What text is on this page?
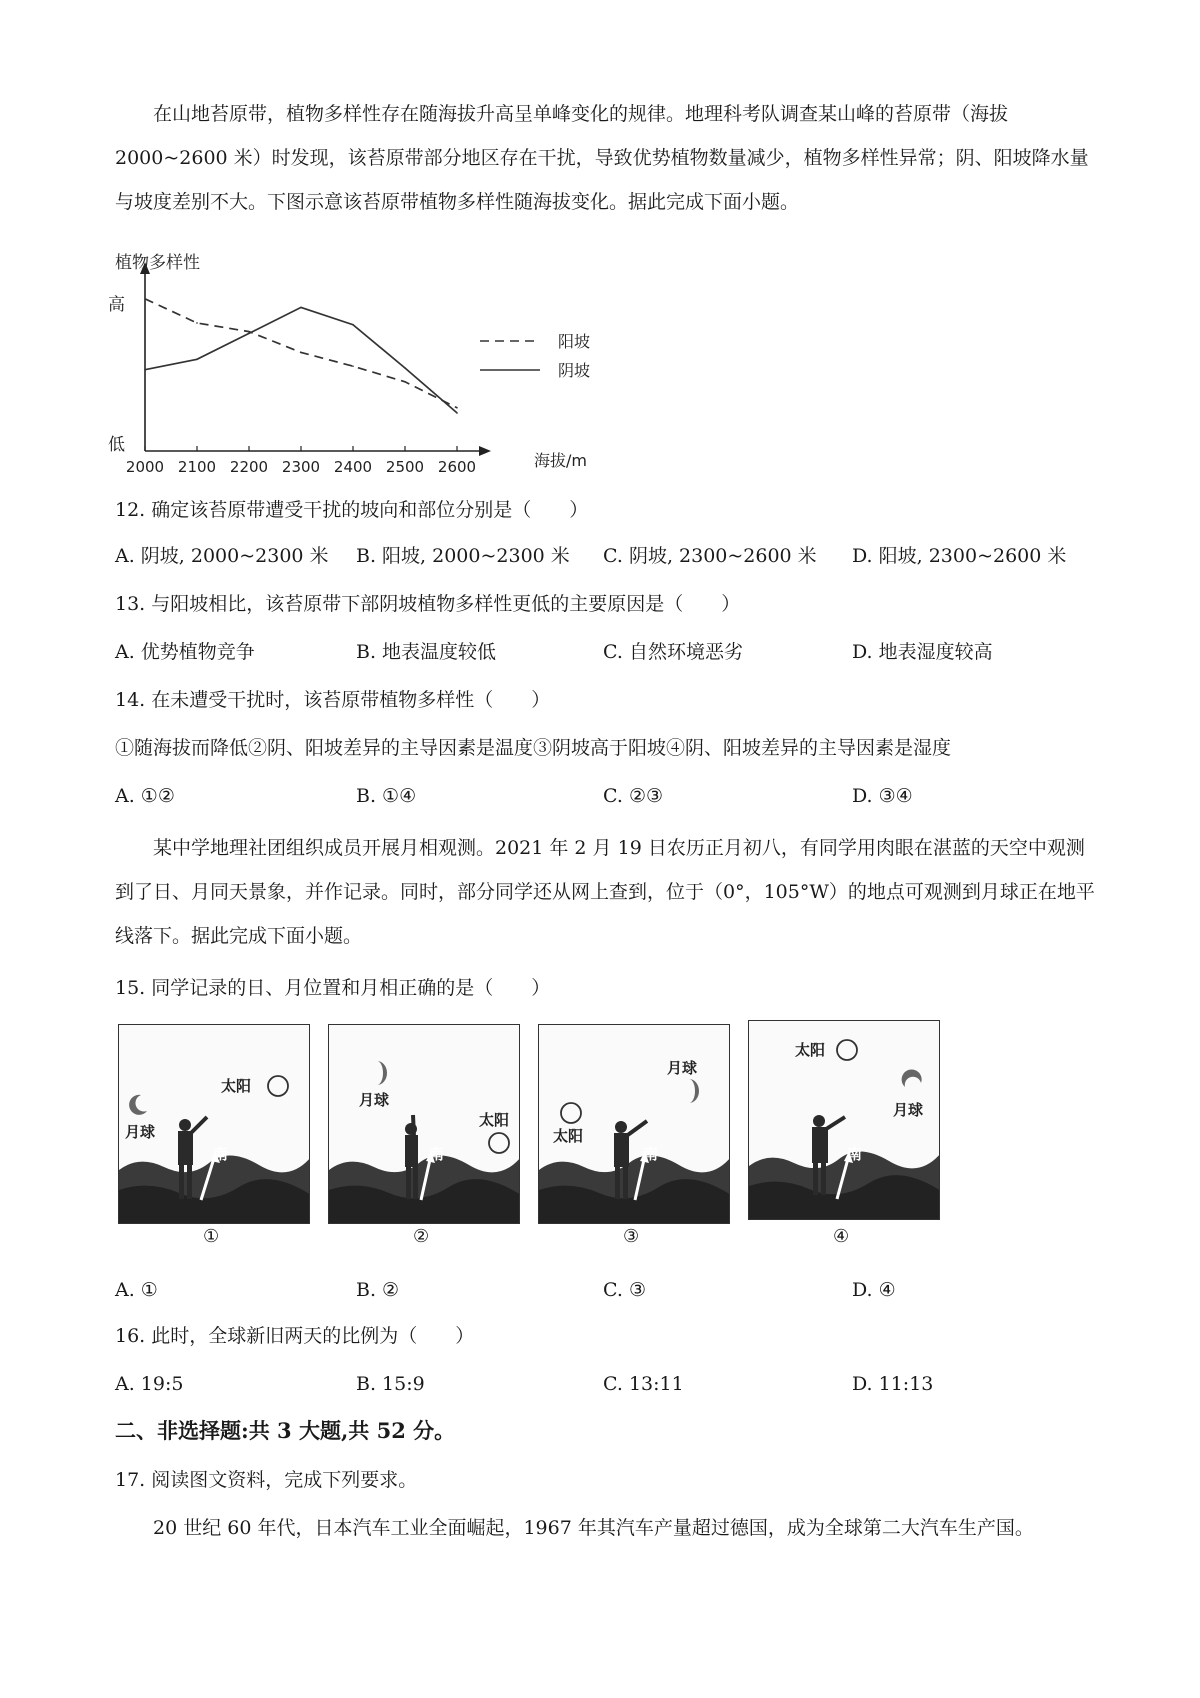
在山地苔原带，植物多样性存在随海拔升高呈单峰变化的规律。地理科考队调查某山峰的苔原带（海拔 2000~2600 米）时发现，该苔原带部分地区存在干扰，导致优势植物数量减少，植物多样性异常；阴、阳坡降水量与坡度差别不大。下图示意该苔原带植物多样性随海拔变化。据此完成下面小题。

2000 2100 2200 2300 2400 2500 2600
植物多样性
高
低
海拔/m
阳坡
阴坡
12. 确定该苔原带遭受干扰的坡向和部位分别是（　　）
A. 阴坡, 2000~2300 米 B. 阳坡, 2000~2300 米 C. 阴坡, 2300~2600 米 D. 阳坡, 2300~2600 米
13. 与阳坡相比，该苔原带下部阴坡植物多样性更低的主要原因是（　　）
A. 优势植物竞争	B. 地表温度较低	C. 自然环境恶劣	D. 地表湿度较高
14. 在未遭受干扰时，该苔原带植物多样性（　　）
①随海拔而降低②阴、阳坡差异的主导因素是温度③阴坡高于阳坡④阴、阳坡差异的主导因素是湿度
A. ①②	B. ①④	C. ②③	D. ③④

某中学地理社团组织成员开展月相观测。2021 年 2 月 19 日农历正月初八，有同学用肉眼在湛蓝的天空中观测到了日、月同天景象，并作记录。同时，部分同学还从网上查到，位于（0°，105°W）的地点可观测到月球正在地平线落下。据此完成下面小题。

15. 同学记录的日、月位置和月相正确的是（　　）
月球
太阳
南
月球
太阳
南
太阳
月球
南
太阳
月球
南
①	②	③	④
A. ①	B. ②	C. ③	D. ④
16. 此时，全球新旧两天的比例为（　　）
A. 19:5	B. 15:9	C. 13:11	D. 11:13
二、非选择题:共 3 大题,共 52 分。
17. 阅读图文资料，完成下列要求。
20 世纪 60 年代，日本汽车工业全面崛起，1967 年其汽车产量超过德国，成为全球第二大汽车生产国。
